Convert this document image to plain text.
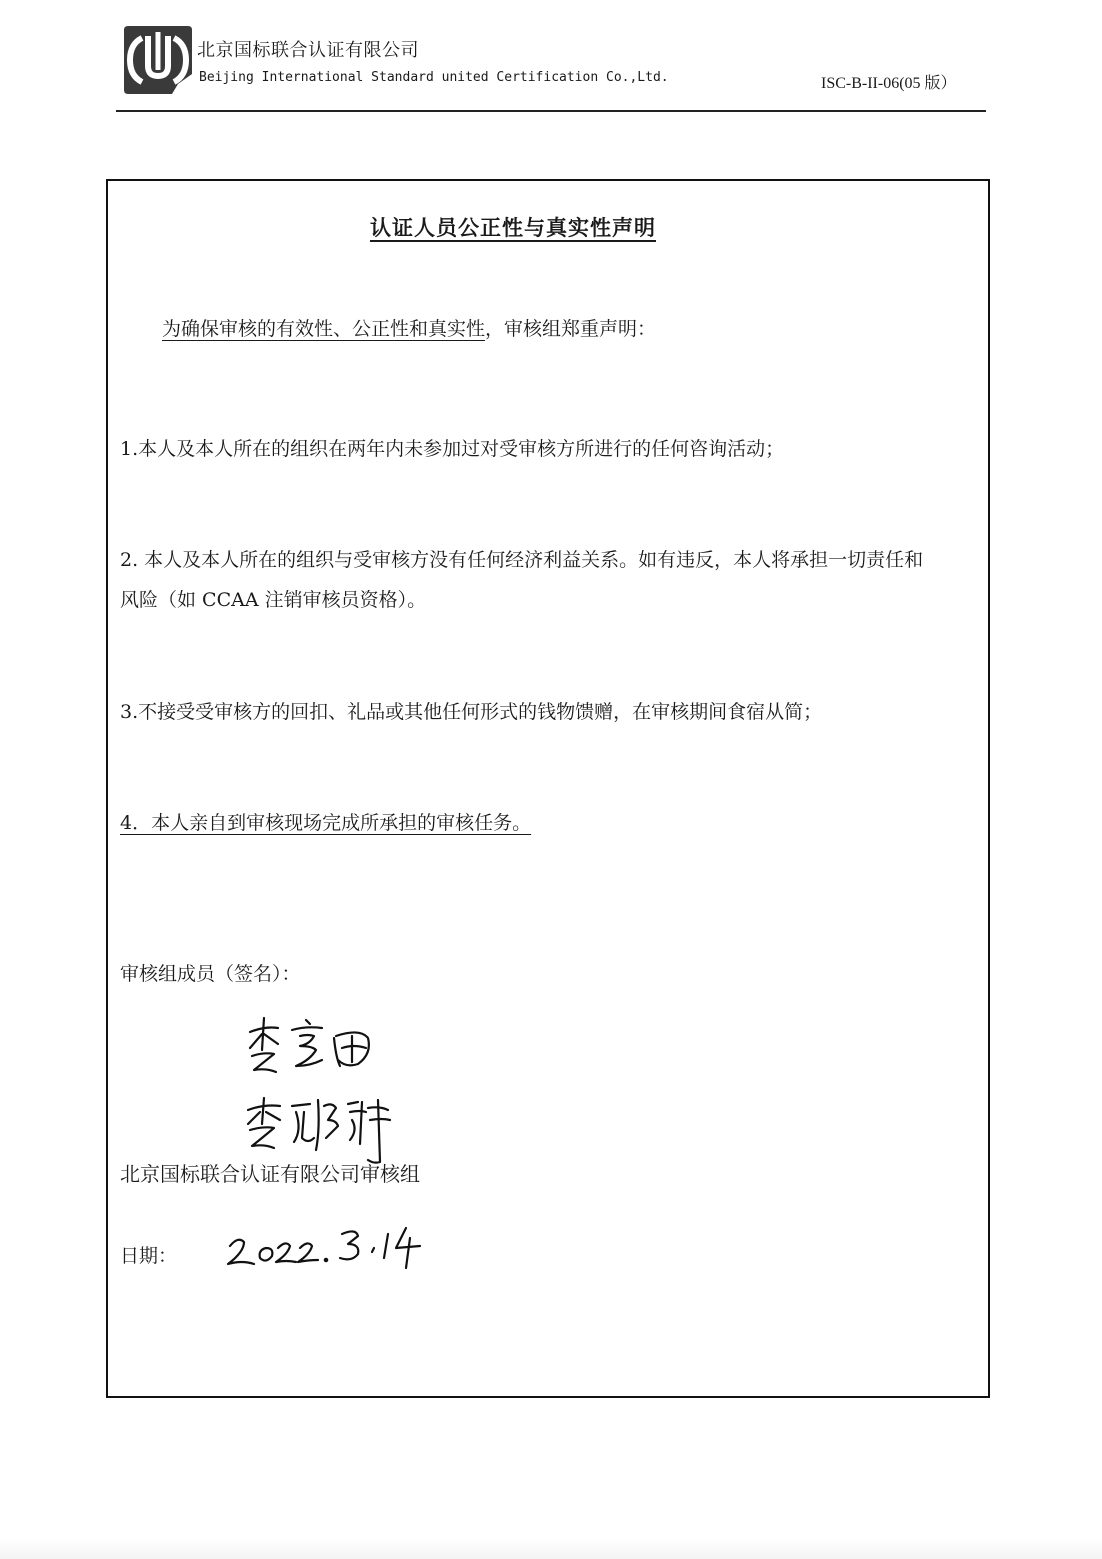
北京国标联合认证有限公司
Beijing International Standard united Certification Co.,Ltd.	ISC-B-II-06(05 版）
认证人员公正性与真实性声明
为确保审核的有效性、公正性和真实性，审核组郑重声明：
1.本人及本人所在的组织在两年内未参加过对受审核方所进行的任何咨询活动；
2. 本人及本人所在的组织与受审核方没有任何经济利益关系。如有违反，本人将承担一切责任和
风险（如 CCAA 注销审核员资格）。
3.不接受受审核方的回扣、礼品或其他任何形式的钱物馈赠，在审核期间食宿从简；
4．本人亲自到审核现场完成所承担的审核任务。
审核组成员（签名）：
北京国标联合认证有限公司审核组
日期：
